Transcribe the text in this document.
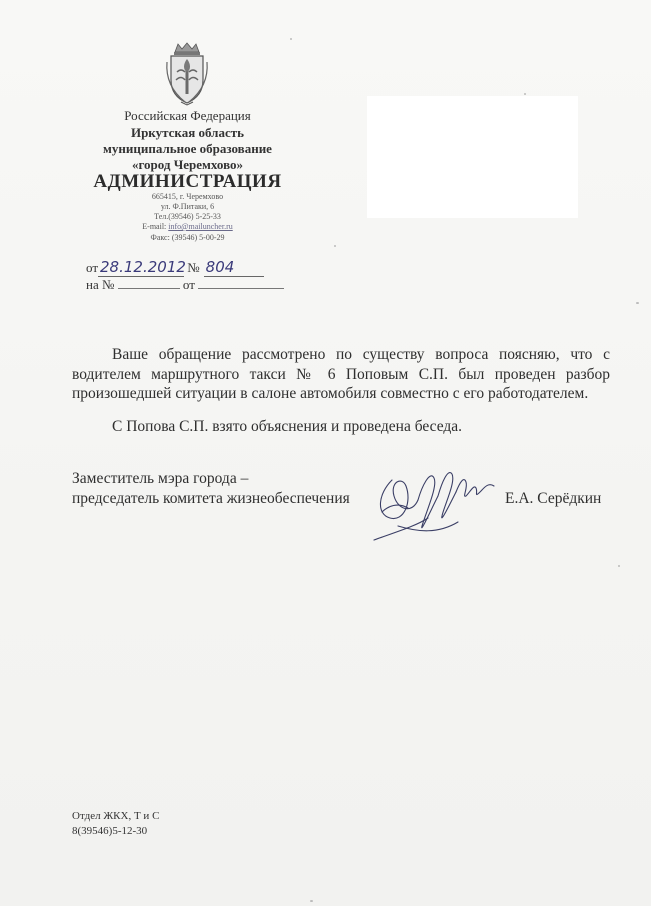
Российская Федерация
Иркутская область
муниципальное образование
«город Черемхово»
АДМИНИСТРАЦИЯ
665415, г. Черемхово
ул. Ф.Питаки, 6
Тел.(39546) 5-25-33
E-mail: info@mailuncher.ru
Факс: (39546) 5-00-29
от 28.12.2012 № 804
на №	от
Ваше обращение рассмотрено по существу вопроса поясняю, что с водителем маршрутного такси № 6 Поповым С.П. был проведен разбор произошедшей ситуации в салоне автомобиля совместно с его работодателем.
С Попова С.П. взято объяснения и проведена беседа.
Заместитель мэра города –
председатель комитета жизнеобеспечения	Е.А. Серёдкин
Отдел ЖКХ, Т и С
8(39546)5-12-30
